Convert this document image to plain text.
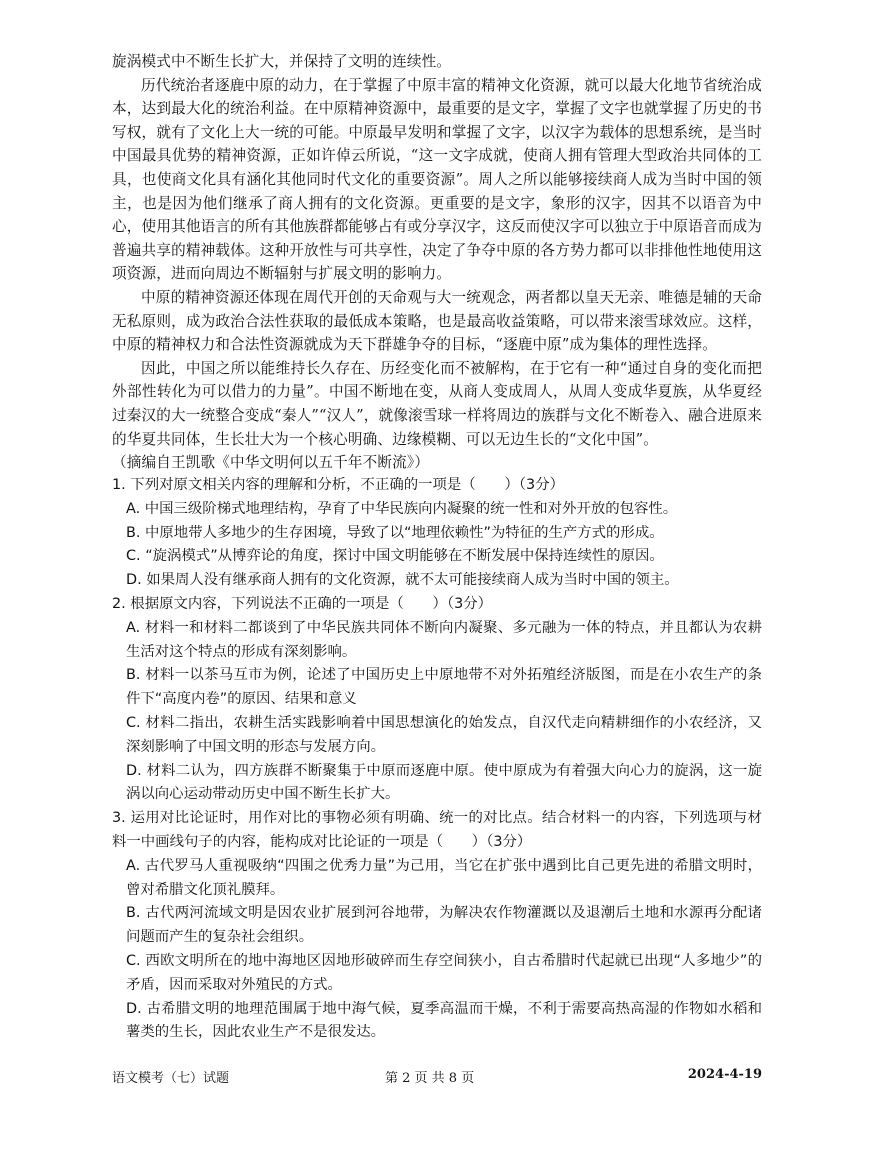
旋涡模式中不断生长扩大，并保持了文明的连续性。

历代统治者逐鹿中原的动力，在于掌握了中原丰富的精神文化资源，就可以最大化地节省统治成本，达到最大化的统治利益。在中原精神资源中，最重要的是文字，掌握了文字也就掌握了历史的书写权，就有了文化上大一统的可能。中原最早发明和掌握了文字，以汉字为载体的思想系统，是当时中国最具优势的精神资源，正如许倬云所说，“这一文字成就，使商人拥有管理大型政治共同体的工具，也使商文化具有涵化其他同时代文化的重要资源”。周人之所以能够接续商人成为当时中国的领主，也是因为他们继承了商人拥有的文化资源。更重要的是文字，象形的汉字，因其不以语音为中心，使用其他语言的所有其他族群都能够占有或分享汉字，这反而使汉字可以独立于中原语音而成为普遍共享的精神载体。这种开放性与可共享性，决定了争夺中原的各方势力都可以非排他性地使用这项资源，进而向周边不断辐射与扩展文明的影响力。

中原的精神资源还体现在周代开创的天命观与大一统观念，两者都以皇天无亲、唯德是辅的天命无私原则，成为政治合法性获取的最低成本策略，也是最高收益策略，可以带来滚雪球效应。这样，中原的精神权力和合法性资源就成为天下群雄争夺的目标，“逐鹿中原”成为集体的理性选择。

因此，中国之所以能维持长久存在、历经变化而不被解构，在于它有一种“通过自身的变化而把外部性转化为可以借力的力量”。中国不断地在变，从商人变成周人，从周人变成华夏族，从华夏经过秦汉的大一统整合变成“秦人”“汉人”，就像滚雪球一样将周边的族群与文化不断卷入、融合进原来的华夏共同体，生长壮大为一个核心明确、边缘模糊、可以无边生长的“文化中国”。

（摘编自王凯歌《中华文明何以五千年不断流》）

1. 下列对原文相关内容的理解和分析，不正确的一项是（　　）（3分）

A. 中国三级阶梯式地理结构，孕育了中华民族向内凝聚的统一性和对外开放的包容性。

B. 中原地带人多地少的生存困境，导致了以“地理依赖性”为特征的生产方式的形成。

C. “旋涡模式”从博弈论的角度，探讨中国文明能够在不断发展中保持连续性的原因。

D. 如果周人没有继承商人拥有的文化资源，就不太可能接续商人成为当时中国的领主。

2. 根据原文内容，下列说法不正确的一项是（　　）（3分）

A. 材料一和材料二都谈到了中华民族共同体不断向内凝聚、多元融为一体的特点，并且都认为农耕生活对这个特点的形成有深刻影响。

B. 材料一以茶马互市为例，论述了中国历史上中原地带不对外拓殖经济版图，而是在小农生产的条件下“高度内卷”的原因、结果和意义

C. 材料二指出，农耕生活实践影响着中国思想演化的始发点，自汉代走向精耕细作的小农经济，又深刻影响了中国文明的形态与发展方向。

D. 材料二认为，四方族群不断聚集于中原而逐鹿中原。使中原成为有着强大向心力的旋涡，这一旋涡以向心运动带动历史中国不断生长扩大。

3. 运用对比论证时，用作对比的事物必须有明确、统一的对比点。结合材料一的内容，下列选项与材料一中画线句子的内容，能构成对比论证的一项是（　　）（3分）

A. 古代罗马人重视吸纳“四围之优秀力量”为己用，当它在扩张中遇到比自己更先进的希腊文明时，曾对希腊文化顶礼膜拜。

B. 古代两河流域文明是因农业扩展到河谷地带，为解决农作物灌溉以及退潮后土地和水源再分配诸问题而产生的复杂社会组织。

C. 西欧文明所在的地中海地区因地形破碎而生存空间狭小，自古希腊时代起就已出现“人多地少”的矛盾，因而采取对外殖民的方式。

D. 古希腊文明的地理范围属于地中海气候，夏季高温而干燥，不利于需要高热高湿的作物如水稻和薯类的生长，因此农业生产不是很发达。

语文模考（七）试题	第 2 页 共 8 页	2024-4-19
